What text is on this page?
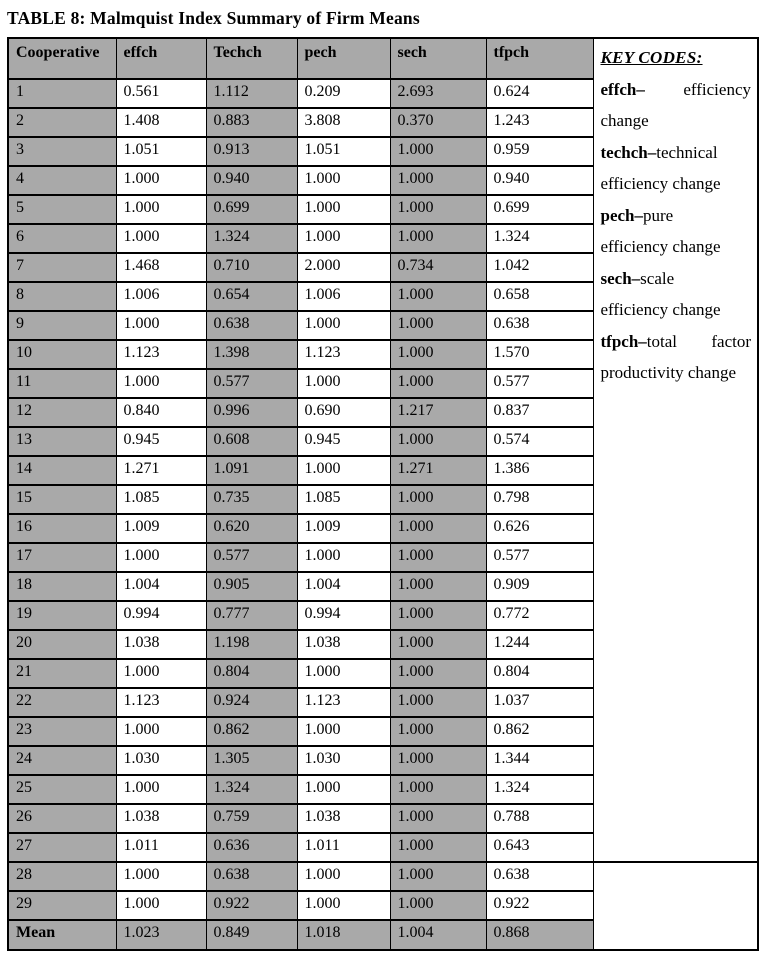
TABLE 8: Malmquist Index Summary of Firm Means
Cooperative	effch	Techch	pech	sech	tfpch	KEY CODES:
effch– efficiency
change
techch–technical
efficiency change
pech–pure
efficiency change
sech–scale
efficiency change
tfpch–total factor
productivity change

1	0.561	1.112	0.209	2.693	0.624	
2	1.408	0.883	3.808	0.370	1.243	
3	1.051	0.913	1.051	1.000	0.959	
4	1.000	0.940	1.000	1.000	0.940	
5	1.000	0.699	1.000	1.000	0.699	
6	1.000	1.324	1.000	1.000	1.324	
7	1.468	0.710	2.000	0.734	1.042	
8	1.006	0.654	1.006	1.000	0.658	
9	1.000	0.638	1.000	1.000	0.638	
10	1.123	1.398	1.123	1.000	1.570	
11	1.000	0.577	1.000	1.000	0.577	
12	0.840	0.996	0.690	1.217	0.837	
13	0.945	0.608	0.945	1.000	0.574	
14	1.271	1.091	1.000	1.271	1.386	
15	1.085	0.735	1.085	1.000	0.798	
16	1.009	0.620	1.009	1.000	0.626	
17	1.000	0.577	1.000	1.000	0.577	
18	1.004	0.905	1.004	1.000	0.909	
19	0.994	0.777	0.994	1.000	0.772	
20	1.038	1.198	1.038	1.000	1.244	
21	1.000	0.804	1.000	1.000	0.804	
22	1.123	0.924	1.123	1.000	1.037	
23	1.000	0.862	1.000	1.000	0.862	
24	1.030	1.305	1.030	1.000	1.344	
25	1.000	1.324	1.000	1.000	1.324	
26	1.038	0.759	1.038	1.000	0.788	
27	1.011	0.636	1.011	1.000	0.643	
28	1.000	0.638	1.000	1.000	0.638	
29	1.000	0.922	1.000	1.000	0.922	
Mean	1.023	0.849	1.018	1.004	0.868	
